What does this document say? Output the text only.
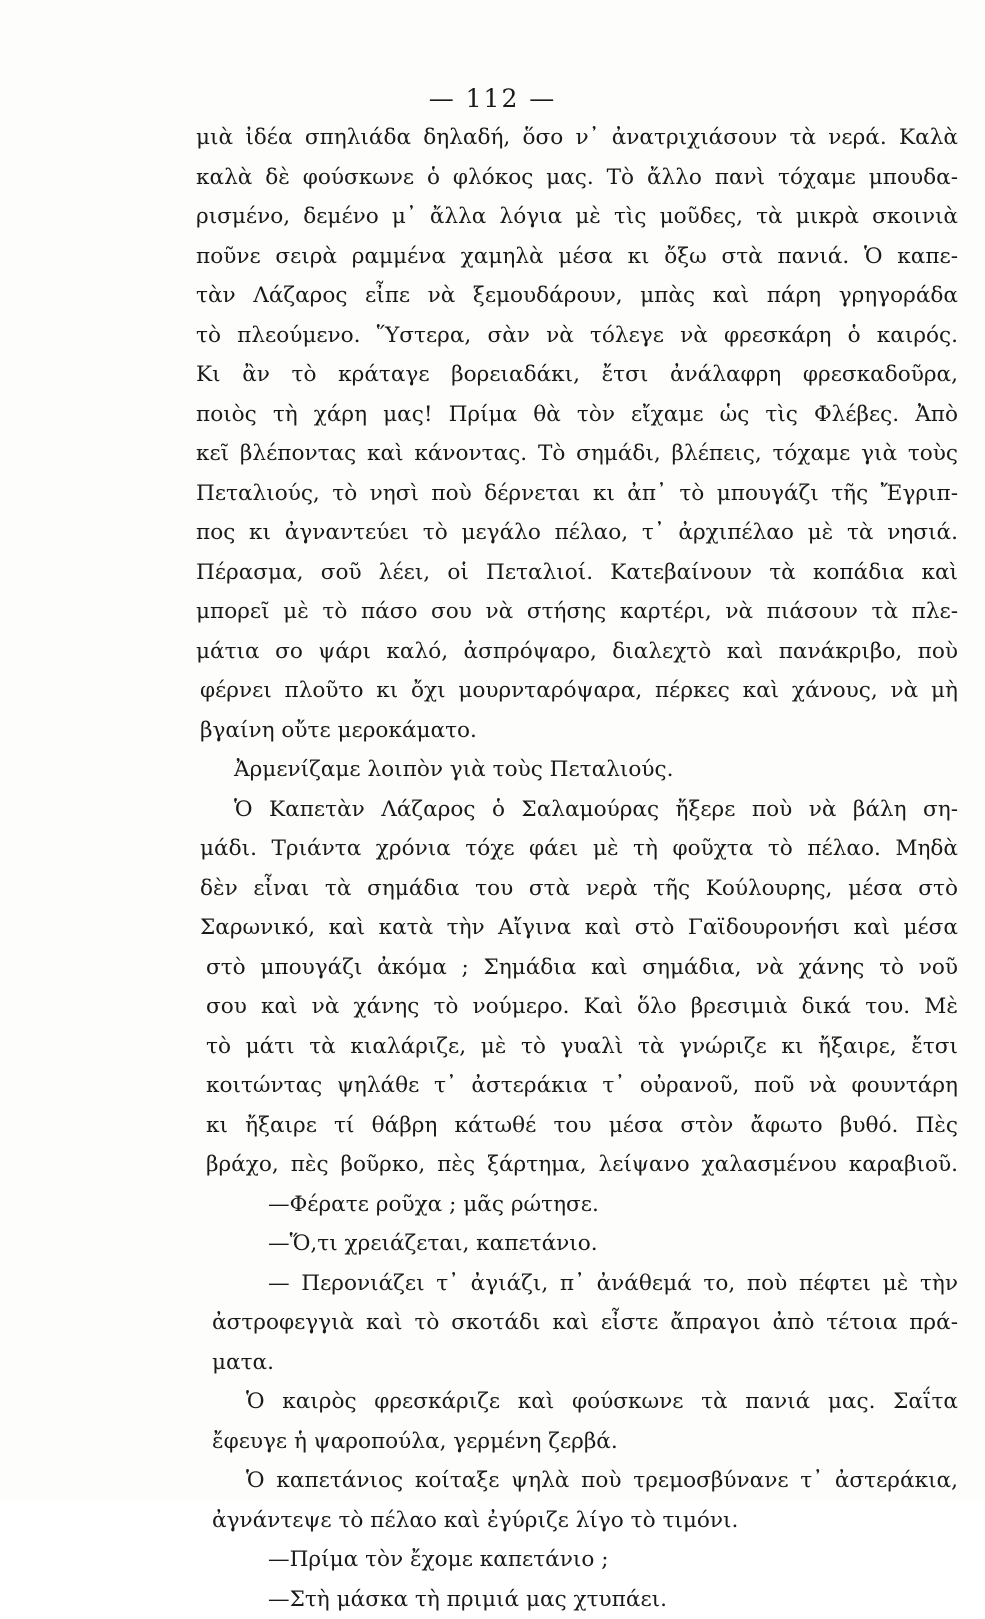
— 112 —
μιὰ ἰδέα σπηλιάδα δηλαδή, ὅσο ν᾽ ἀνατριχιάσουν τὰ νερά. Καλὰ
καλὰ δὲ φούσκωνε ὁ φλόκος μας. Τὸ ἄλλο πανὶ τόχαμε μπουδα-
ρισμένο, δεμένο μ᾽ ἄλλα λόγια μὲ τὶς μοῦδες, τὰ μικρὰ σκοινιὰ
ποῦνε σειρὰ ραμμένα χαμηλὰ μέσα κι ὄξω στὰ πανιά. Ὁ καπε-
τὰν Λάζαρος εἶπε νὰ ξεμουδάρουν, μπὰς καὶ πάρη γρηγοράδα
τὸ πλεούμενο. Ὕστερα, σὰν νὰ τόλεγε νὰ φρεσκάρη ὁ καιρός.
Κι ἂν τὸ κράταγε βορειαδάκι, ἔτσι ἀνάλαφρη φρεσκαδοῦρα,
ποιὸς τὴ χάρη μας! Πρίμα θὰ τὸν εἴχαμε ὡς τὶς Φλέβες. Ἀπὸ
κεῖ βλέποντας καὶ κάνοντας. Τὸ σημάδι, βλέπεις, τόχαμε γιὰ τοὺς
Πεταλιούς, τὸ νησὶ ποὺ δέρνεται κι ἀπ᾽ τὸ μπουγάζι τῆς Ἔγριπ-
πος κι ἀγναντεύει τὸ μεγάλο πέλαο, τ᾽ ἀρχιπέλαο μὲ τὰ νησιά.
Πέρασμα, σοῦ λέει, οἱ Πεταλιοί. Κατεβαίνουν τὰ κοπάδια καὶ
μπορεῖ μὲ τὸ πάσο σου νὰ στήσης καρτέρι, νὰ πιάσουν τὰ πλε-
μάτια σο ψάρι καλό, ἀσπρόψαρο, διαλεχτὸ καὶ πανάκριβο, ποὺ
φέρνει πλοῦτο κι ὄχι μουρνταρόψαρα, πέρκες καὶ χάνους, νὰ μὴ
βγαίνη οὔτε μεροκάματο.
Ἀρμενίζαμε λοιπὸν γιὰ τοὺς Πεταλιούς.
Ὁ Καπετὰν Λάζαρος ὁ Σαλαμούρας ἤξερε ποὺ νὰ βάλη ση-
μάδι. Τριάντα χρόνια τόχε φάει μὲ τὴ φοῦχτα τὸ πέλαο. Μηδὰ
δὲν εἶναι τὰ σημάδια του στὰ νερὰ τῆς Κούλουρης, μέσα στὸ
Σαρωνικό, καὶ κατὰ τὴν Αἴγινα καὶ στὸ Γαϊδουρονήσι καὶ μέσα
στὸ μπουγάζι ἀκόμα ; Σημάδια καὶ σημάδια, νὰ χάνης τὸ νοῦ
σου καὶ νὰ χάνης τὸ νούμερο. Καὶ ὅλο βρεσιμιὰ δικά του. Μὲ
τὸ μάτι τὰ κιαλάριζε, μὲ τὸ γυαλὶ τὰ γνώριζε κι ἤξαιρε, ἔτσι
κοιτώντας ψηλάθε τ᾽ ἀστεράκια τ᾽ οὐρανοῦ, ποῦ νὰ φουντάρη
κι ἤξαιρε τί θάβρη κάτωθέ του μέσα στὸν ἄφωτο βυθό. Πὲς
βράχο, πὲς βοῦρκο, πὲς ξάρτημα, λείψανο χαλασμένου καραβιοῦ.
—Φέρατε ροῦχα ; μᾶς ρώτησε.
—Ὅ,τι χρειάζεται, καπετάνιο.
— Περονιάζει τ᾽ ἀγιάζι, π᾽ ἀνάθεμά το, ποὺ πέφτει μὲ τὴν
ἀστροφεγγιὰ καὶ τὸ σκοτάδι καὶ εἶστε ἄπραγοι ἀπὸ τέτοια πρά-
ματα.
Ὁ καιρὸς φρεσκάριζε καὶ φούσκωνε τὰ πανιά μας. Σαΐτα
ἔφευγε ἡ ψαροπούλα, γερμένη ζερβά.
Ὁ καπετάνιος κοίταξε ψηλὰ ποὺ τρεμοσβύνανε τ᾽ ἀστεράκια,
ἀγνάντεψε τὸ πέλαο καὶ ἐγύριζε λίγο τὸ τιμόνι.
—Πρίμα τὸν ἔχομε καπετάνιο ;
—Στὴ μάσκα τὴ πριμιά μας χτυπάει.
